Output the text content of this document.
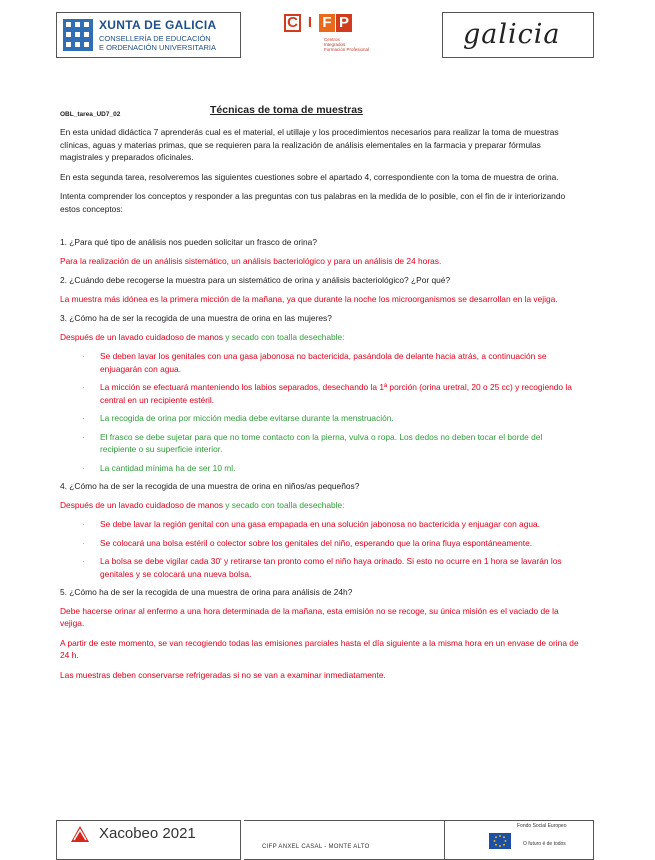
XUNTA DE GALICIA
CONSELLERÍA DE EDUCACIÓN
E ORDENACIÓN UNIVERSITARIA
C I F P
Centros
Integrados
Formación Profesional	galicia
OBL_tarea_UD7_02	Técnicas de toma de muestras

En esta unidad didáctica 7 aprenderás cual es el material, el utillaje y los procedimientos necesarios para realizar la toma de muestras clínicas, aguas y materias primas, que se requieren para la realización de análisis elementales en la farmacia y preparar fórmulas magistrales y preparados oficinales.

En esta segunda tarea, resolveremos las siguientes cuestiones sobre el apartado 4, correspondiente con la toma de muestra de orina.

Intenta comprender los conceptos y responder a las preguntas con tus palabras en la medida de lo posible, con el fin de ir interiorizando estos conceptos:

1. ¿Para qué tipo de análisis nos pueden solicitar un frasco de orina?

Para la realización de un análisis sistemático, un análisis bacteriológico y para un análisis de 24 horas.

2. ¿Cuándo debe recogerse la muestra para un sistemático de orina y análisis bacteriológico? ¿Por qué?

La muestra más idónea es la primera micción de la mañana, ya que durante la noche los microorganismos se desarrollan en la vejiga.

3. ¿Cómo ha de ser la recogida de una muestra de orina en las mujeres?

Después de un lavado cuidadoso de manos y secado con toalla desechable:

· Se deben lavar los genitales con una gasa jabonosa no bactericida, pasándola de delante hacia atrás, a continuación se enjuagarán con agua.
· La micción se efectuará manteniendo los labios separados, desechando la 1ª porción (orina uretral, 20 o 25 cc) y recogiendo la central en un recipiente estéril.
· La recogida de orina por micción media debe evitarse durante la menstruación.
· El frasco se debe sujetar para que no tome contacto con la pierna, vulva o ropa. Los dedos no deben tocar el borde del recipiente o su superficie interior.
· La cantidad mínima ha de ser 10 ml.

4. ¿Cómo ha de ser la recogida de una muestra de orina en niños/as pequeños?

Después de un lavado cuidadoso de manos y secado con toalla desechable:

· Se debe lavar la región genital con una gasa empapada en una solución jabonosa no bactericida y enjuagar con agua.
· Se colocará una bolsa estéril o colector sobre los genitales del niño, esperando que la orina fluya espontáneamente.
· La bolsa se debe vigilar cada 30' y retirarse tan pronto como el niño haya orinado. Si esto no ocurre en 1 hora se lavarán los genitales y se colocará una nueva bolsa.

5. ¿Cómo ha de ser la recogida de una muestra de orina para análisis de 24h?

Debe hacerse orinar al enfermo a una hora determinada de la mañana, esta emisión no se recoge, su única misión es el vaciado de la vejiga.

A partir de este momento, se van recogiendo todas las emisiones parciales hasta el día siguiente a la misma hora en un envase de orina de 24 h.

Las muestras deben conservarse refrigeradas si no se van a examinar inmediatamente.

Xacobeo 2021
CIFP ANXEL CASAL - MONTE ALTO
Fondo Social Europeo
O futuro é de todos
